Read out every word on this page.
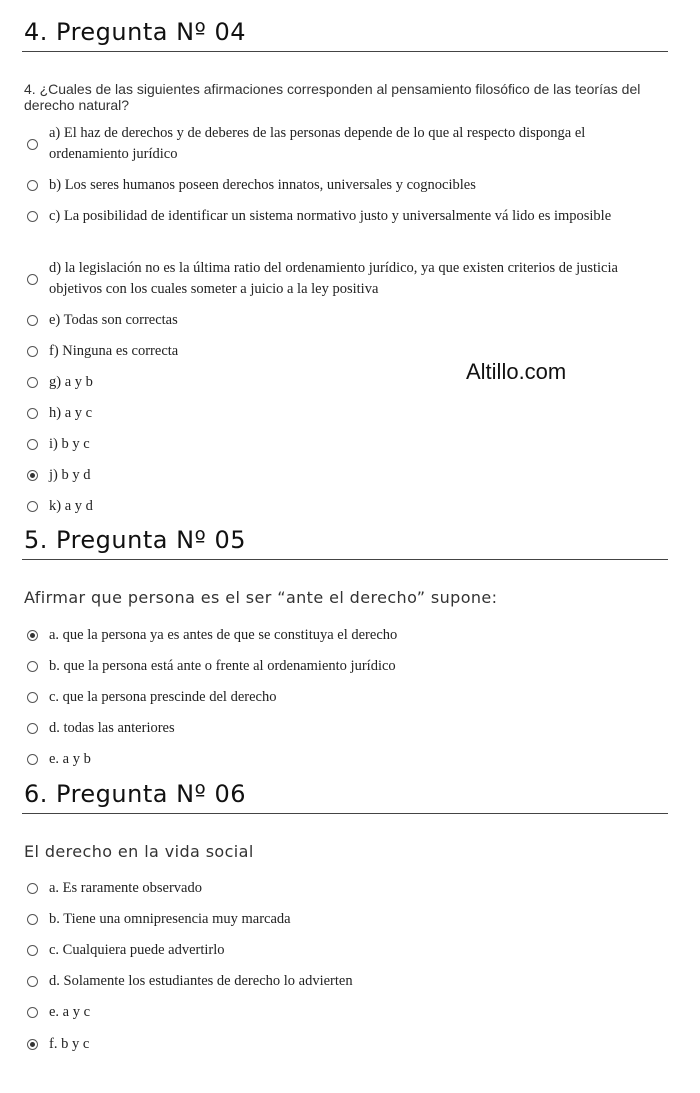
4. Pregunta Nº 04
4. ¿Cuales de las siguientes afirmaciones corresponden al pensamiento filosófico de las teorías del derecho natural?
a) El haz de derechos y de deberes de las personas depende de lo que al respecto disponga el ordenamiento jurídico
b) Los seres humanos poseen derechos innatos, universales y cognocibles
c) La posibilidad de identificar un sistema normativo justo y universalmente vá lido es imposible
d) la legislación no es la última ratio del ordenamiento jurídico, ya que existen criterios de justicia objetivos con los cuales someter a juicio a la ley positiva
e) Todas son correctas
f) Ninguna es correcta
g) a y b
h) a y c
i) b y c
j) b y d
k) a y d
Altillo.com
5. Pregunta Nº 05
Afirmar que persona es el ser “ante el derecho” supone:
a. que la persona ya es antes de que se constituya el derecho
b. que la persona está ante o frente al ordenamiento jurídico
c. que la persona prescinde del derecho
d. todas las anteriores
e. a y b
6. Pregunta Nº 06
El derecho en la vida social
a. Es raramente observado
b. Tiene una omnipresencia muy marcada
c. Cualquiera puede advertirlo
d. Solamente los estudiantes de derecho lo advierten
e. a y c
f. b y c
